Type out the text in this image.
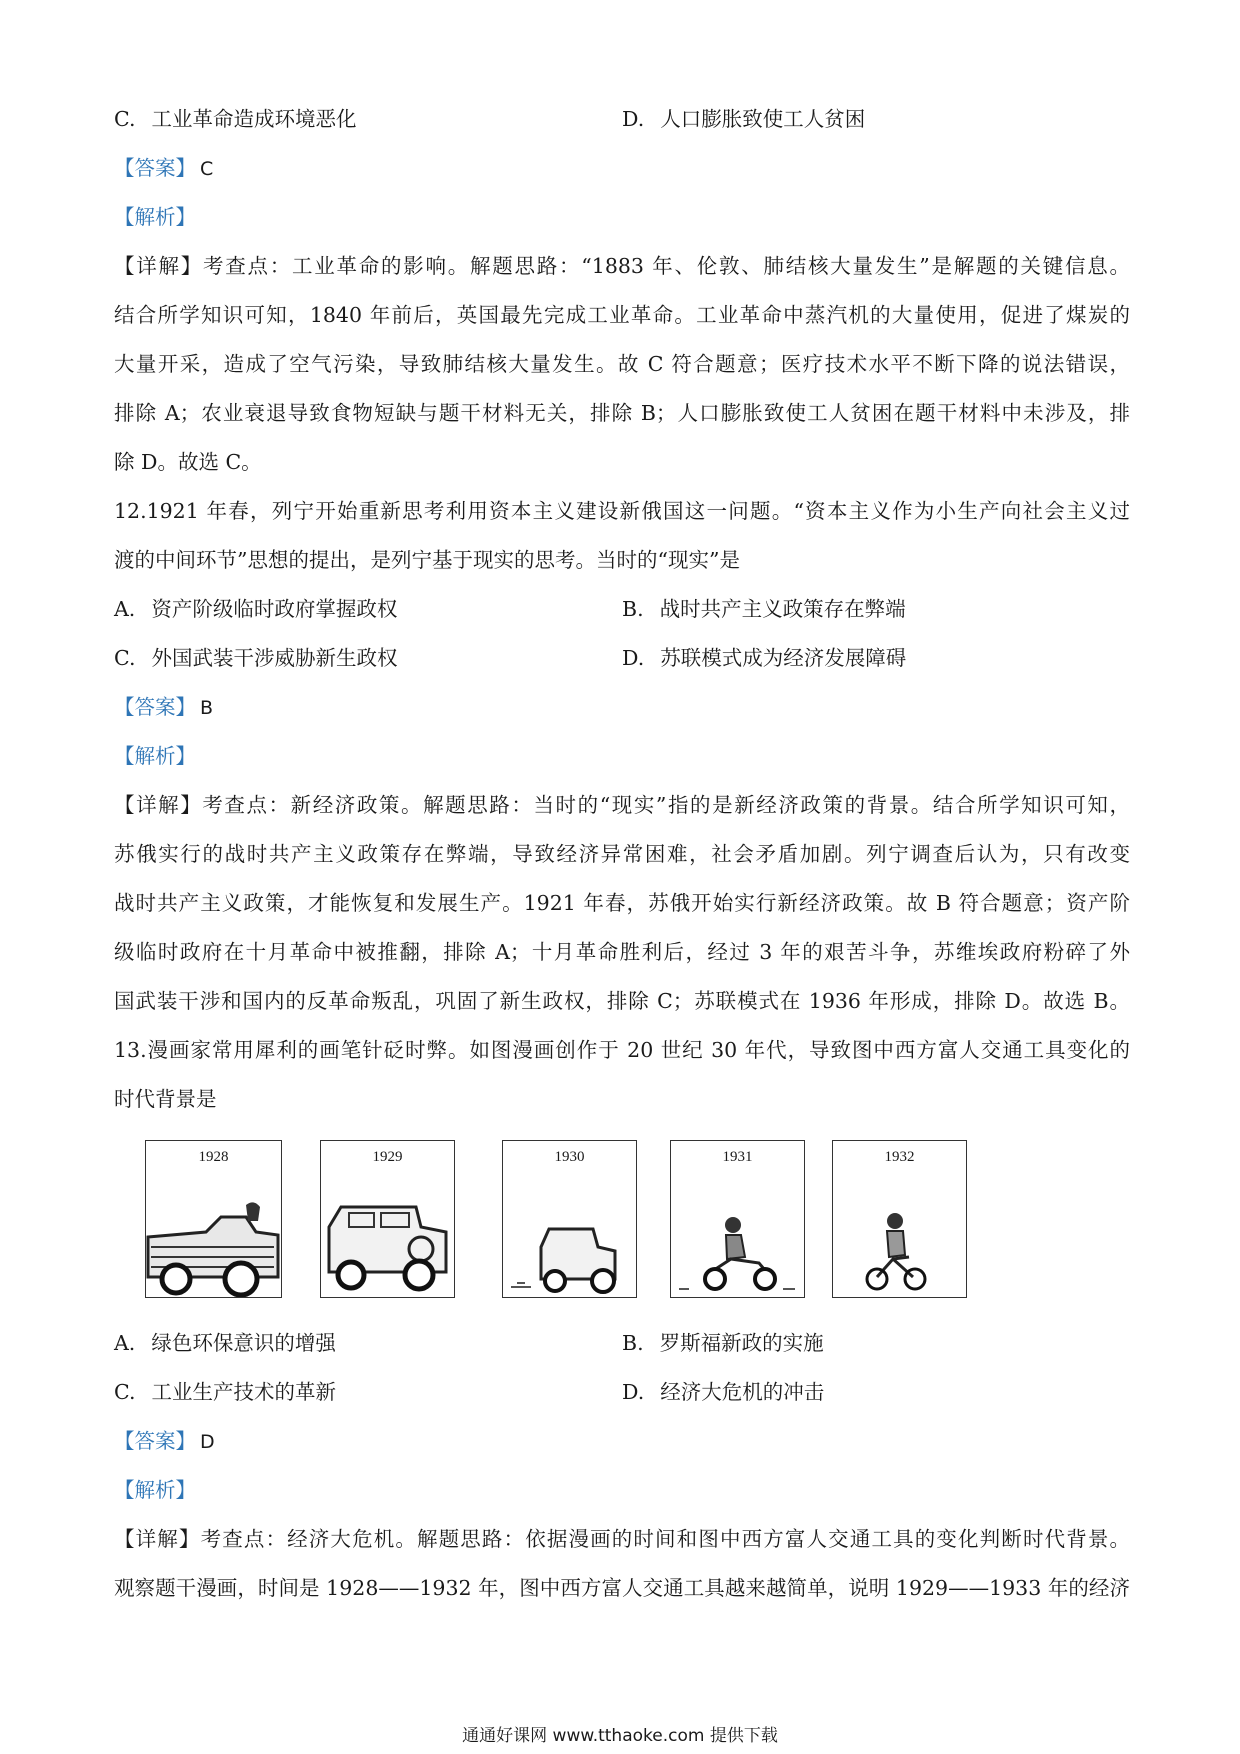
C. 工业革命造成环境恶化	D. 人口膨胀致使工人贫困
【答案】 C
【解析】
【详解】考查点：工业革命的影响。解题思路：“1883 年、伦敦、肺结核大量发生”是解题的关键信息。
结合所学知识可知，1840 年前后，英国最先完成工业革命。工业革命中蒸汽机的大量使用，促进了煤炭的
大量开采，造成了空气污染，导致肺结核大量发生。故 C 符合题意；医疗技术水平不断下降的说法错误，
排除 A；农业衰退导致食物短缺与题干材料无关，排除 B；人口膨胀致使工人贫困在题干材料中未涉及，排
除 D。故选 C。
12.1921 年春，列宁开始重新思考利用资本主义建设新俄国这一问题。“资本主义作为小生产向社会主义过
渡的中间环节”思想的提出，是列宁基于现实的思考。当时的“现实”是
A. 资产阶级临时政府掌握政权	B. 战时共产主义政策存在弊端
C. 外国武装干涉威胁新生政权	D. 苏联模式成为经济发展障碍
【答案】 B
【解析】
【详解】考查点：新经济政策。解题思路：当时的“现实”指的是新经济政策的背景。结合所学知识可知，
苏俄实行的战时共产主义政策存在弊端，导致经济异常困难，社会矛盾加剧。列宁调查后认为，只有改变
战时共产主义政策，才能恢复和发展生产。1921 年春，苏俄开始实行新经济政策。故 B 符合题意；资产阶
级临时政府在十月革命中被推翻，排除 A；十月革命胜利后，经过 3 年的艰苦斗争，苏维埃政府粉碎了外
国武装干涉和国内的反革命叛乱，巩固了新生政权，排除 C；苏联模式在 1936 年形成，排除 D。故选 B。
13.漫画家常用犀利的画笔针砭时弊。如图漫画创作于 20 世纪 30 年代，导致图中西方富人交通工具变化的
时代背景是
1928	1929	1930	1931	1932
A. 绿色环保意识的增强	B. 罗斯福新政的实施
C. 工业生产技术的革新	D. 经济大危机的冲击
【答案】 D
【解析】
【详解】考查点：经济大危机。解题思路：依据漫画的时间和图中西方富人交通工具的变化判断时代背景。
观察题干漫画，时间是 1928——1932 年，图中西方富人交通工具越来越简单，说明 1929——1933 年的经济
通通好课网 www.tthaoke.com 提供下载
